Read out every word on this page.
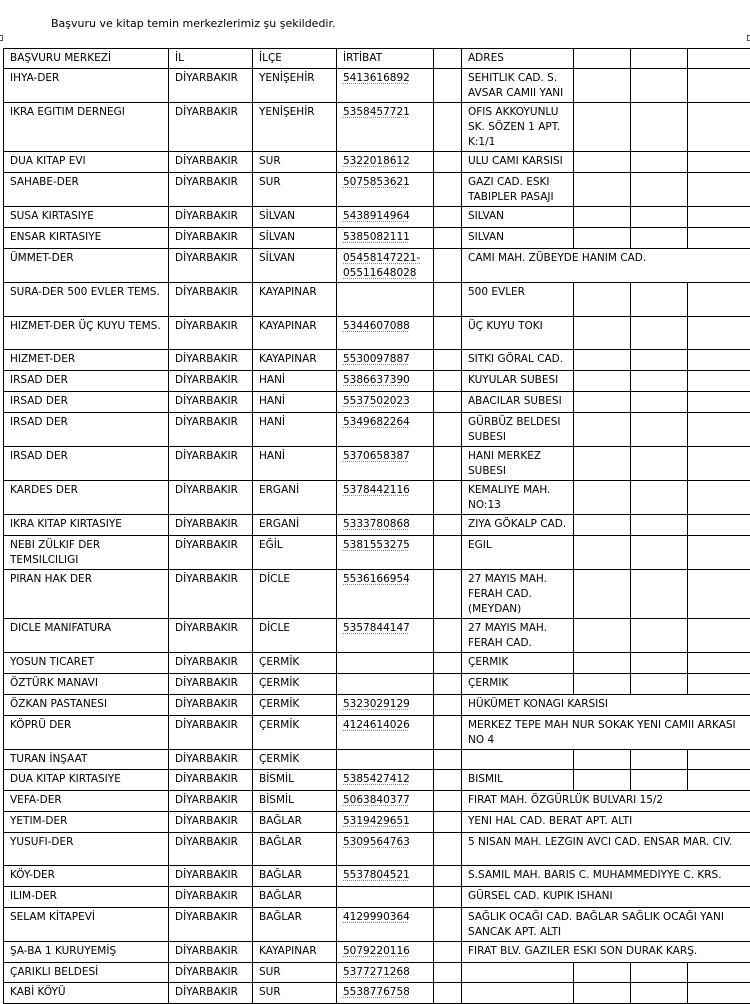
Başvuru ve kitap temin merkezlerimiz şu şekildedir.
BAŞVURU MERKEZİ	İL	İLÇE	İRTİBAT		ADRES			
IHYA-DER	DİYARBAKIR	YENİŞEHİR	5413616892		SEHITLIK CAD. S. AVSAR CAMII YANI			
IKRA EGITIM DERNEGI	DİYARBAKIR	YENİŞEHİR	5358457721		OFIS AKKOYUNLU SK. SÖZEN 1 APT. K:1/1			
DUA KITAP EVI	DİYARBAKIR	SUR	5322018612		ULU CAMI KARSISI			
SAHABE-DER	DİYARBAKIR	SUR	5075853621		GAZI CAD. ESKI TABIPLER PASAJI			
SUSA KIRTASIYE	DİYARBAKIR	SİLVAN	5438914964		SILVAN			
ENSAR KIRTASIYE	DİYARBAKIR	SİLVAN	5385082111		SILVAN			
ÜMMET-DER	DİYARBAKIR	SİLVAN	05458147221-05511648028		CAMI MAH. ZÜBEYDE HANIM CAD.			
SURA-DER 500 EVLER TEMS.	DİYARBAKIR	KAYAPINAR			500 EVLER			
HIZMET-DER ÜÇ KUYU TEMS.	DİYARBAKIR	KAYAPINAR	5344607088		ÜÇ KUYU TOKI			
HIZMET-DER	DİYARBAKIR	KAYAPINAR	5530097887		SITKI GÖRAL CAD.			
IRSAD DER	DİYARBAKIR	HANİ	5386637390		KUYULAR SUBESI			
IRSAD DER	DİYARBAKIR	HANİ	5537502023		ABACILAR SUBESI			
IRSAD DER	DİYARBAKIR	HANİ	5349682264		GÜRBÜZ BELDESI SUBESI			
IRSAD DER	DİYARBAKIR	HANİ	5370658387		HANI MERKEZ SUBESI			
KARDES DER	DİYARBAKIR	ERGANİ	5378442116		KEMALIYE MAH. NO:13			
IKRA KITAP KIRTASIYE	DİYARBAKIR	ERGANİ	5333780868		ZIYA GÖKALP CAD.			
NEBI ZÜLKIF DER TEMSILCILIGI	DİYARBAKIR	EĞİL	5381553275		EGIL			
PIRAN HAK DER	DİYARBAKIR	DİCLE	5536166954		27 MAYIS MAH. FERAH CAD.(MEYDAN)			
DICLE MANIFATURA	DİYARBAKIR	DİCLE	5357844147		27 MAYIS MAH. FERAH CAD.			
YOSUN TICARET	DİYARBAKIR	ÇERMİK			ÇERMIK			
ÖZTÜRK MANAVI	DİYARBAKIR	ÇERMİK			ÇERMIK			
ÖZKAN PASTANESI	DİYARBAKIR	ÇERMİK	5323029129		HÜKÜMET KONAGI KARSISI			
KÖPRÜ DER	DİYARBAKIR	ÇERMİK	4124614026		MERKEZ TEPE MAH NUR SOKAK YENI CAMII ARKASI NO 4			
TURAN İNŞAAT	DİYARBAKIR	ÇERMİK						
DUA KITAP KIRTASIYE	DİYARBAKIR	BİSMİL	5385427412		BISMIL			
VEFA-DER	DİYARBAKIR	BİSMİL	5063840377		FIRAT MAH. ÖZGÜRLÜK BULVARI 15/2			
YETIM-DER	DİYARBAKIR	BAĞLAR	5319429651		YENI HAL CAD. BERAT APT. ALTI			
YUSUFI-DER	DİYARBAKIR	BAĞLAR	5309564763		5 NISAN MAH. LEZGIN AVCI CAD. ENSAR MAR. CIV.			
KÖY-DER	DİYARBAKIR	BAĞLAR	5537804521		S.SAMIL MAH. BARIS C. MUHAMMEDIYYE C. KRS.			
ILIM-DER	DİYARBAKIR	BAĞLAR			GÜRSEL CAD. KUPIK ISHANI			
SELAM KİTAPEVİ	DİYARBAKIR	BAĞLAR	4129990364		SAĞLIK OCAĞI CAD. BAĞLAR SAĞLIK OCAĞI YANI SANCAK APT. ALTI			
ŞA-BA 1 KURUYEMİŞ	DİYARBAKIR	KAYAPINAR	5079220116		FIRAT BLV. GAZILER ESKI SON DURAK KARŞ.			
ÇARIKLI BELDESİ	DİYARBAKIR	SUR	5377271268					
KABİ KÖYÜ	DİYARBAKIR	SUR	5538776758					
